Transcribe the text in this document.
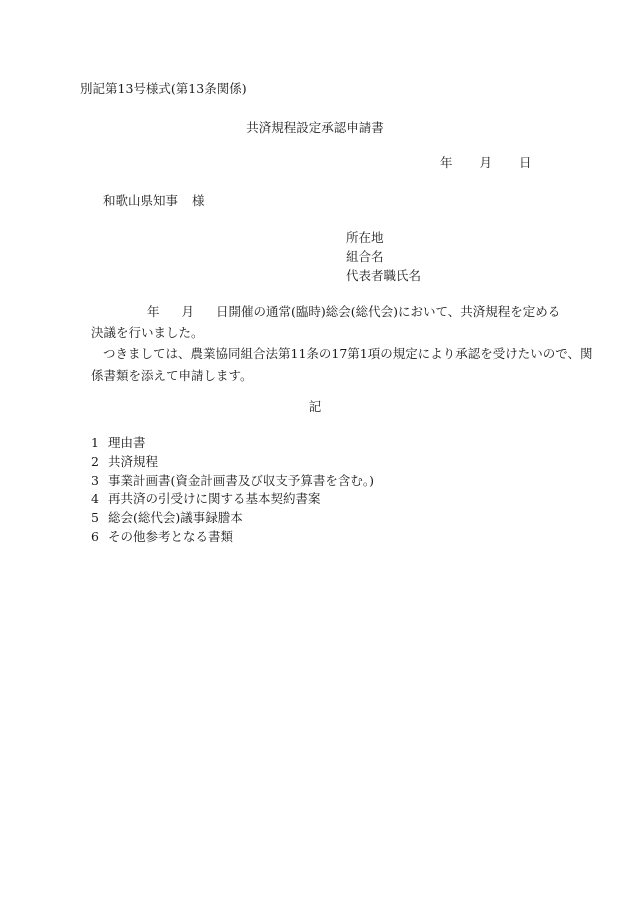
別記第13号様式(第13条関係)
共済規程設定承認申請書
年 月 日
和歌山県知事 様
所在地
組合名
代表者職氏名
年 月 日開催の通常(臨時)総会(総代会)において、共済規程を定める
決議を行いました。
つきましては、農業協同組合法第11条の17第1項の規定により承認を受けたいので、関
係書類を添えて申請します。
記
1 理由書
2 共済規程
3 事業計画書(資金計画書及び収支予算書を含む。)
4 再共済の引受けに関する基本契約書案
5 総会(総代会)議事録謄本
6 その他参考となる書類
